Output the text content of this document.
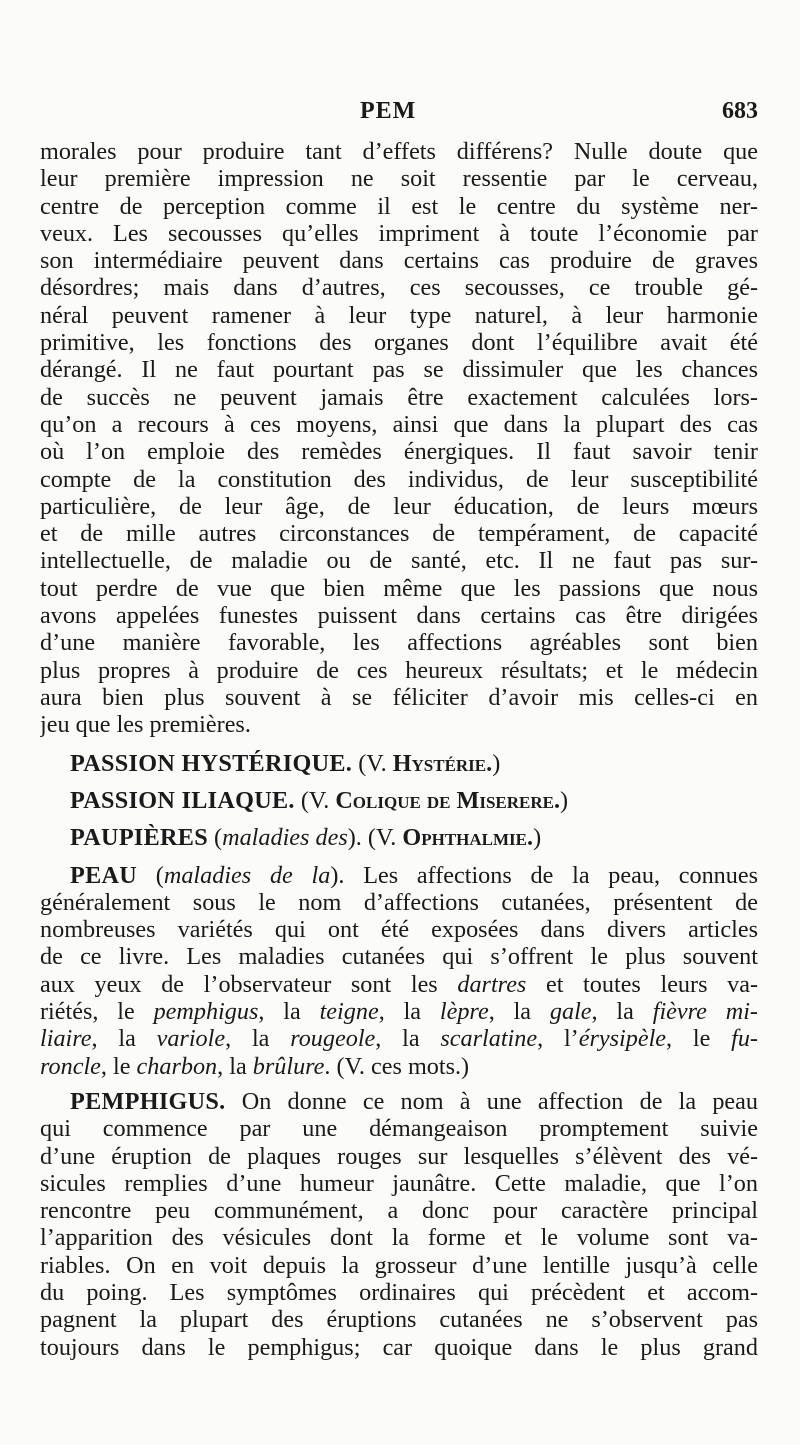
PEM	683
morales pour produire tant d’effets différens? Nulle doute que
leur première impression ne soit ressentie par le cerveau,
centre de perception comme il est le centre du système ner-
veux. Les secousses qu’elles impriment à toute l’économie par
son intermédiaire peuvent dans certains cas produire de graves
désordres; mais dans d’autres, ces secousses, ce trouble gé-
néral peuvent ramener à leur type naturel, à leur harmonie
primitive, les fonctions des organes dont l’équilibre avait été
dérangé. Il ne faut pourtant pas se dissimuler que les chances
de succès ne peuvent jamais être exactement calculées lors-
qu’on a recours à ces moyens, ainsi que dans la plupart des cas
où l’on emploie des remèdes énergiques. Il faut savoir tenir
compte de la constitution des individus, de leur susceptibilité
particulière, de leur âge, de leur éducation, de leurs mœurs
et de mille autres circonstances de tempérament, de capacité
intellectuelle, de maladie ou de santé, etc. Il ne faut pas sur-
tout perdre de vue que bien même que les passions que nous
avons appelées funestes puissent dans certains cas être dirigées
d’une manière favorable, les affections agréables sont bien
plus propres à produire de ces heureux résultats; et le médecin
aura bien plus souvent à se féliciter d’avoir mis celles-ci en
jeu que les premières.
PASSION HYSTÉRIQUE. (V. Hystérie.)
PASSION ILIAQUE. (V. Colique de Miserere.)
PAUPIÈRES (maladies des). (V. Ophthalmie.)
PEAU (maladies de la). Les affections de la peau, connues
généralement sous le nom d’affections cutanées, présentent de
nombreuses variétés qui ont été exposées dans divers articles
de ce livre. Les maladies cutanées qui s’offrent le plus souvent
aux yeux de l’observateur sont les dartres et toutes leurs va-
riétés, le pemphigus, la teigne, la lèpre, la gale, la fièvre mi-
liaire, la variole, la rougeole, la scarlatine, l’érysipèle, le fu-
roncle, le charbon, la brûlure. (V. ces mots.)
PEMPHIGUS. On donne ce nom à une affection de la peau
qui commence par une démangeaison promptement suivie
d’une éruption de plaques rouges sur lesquelles s’élèvent des vé-
sicules remplies d’une humeur jaunâtre. Cette maladie, que l’on
rencontre peu communément, a donc pour caractère principal
l’apparition des vésicules dont la forme et le volume sont va-
riables. On en voit depuis la grosseur d’une lentille jusqu’à celle
du poing. Les symptômes ordinaires qui précèdent et accom-
pagnent la plupart des éruptions cutanées ne s’observent pas
toujours dans le pemphigus; car quoique dans le plus grand
